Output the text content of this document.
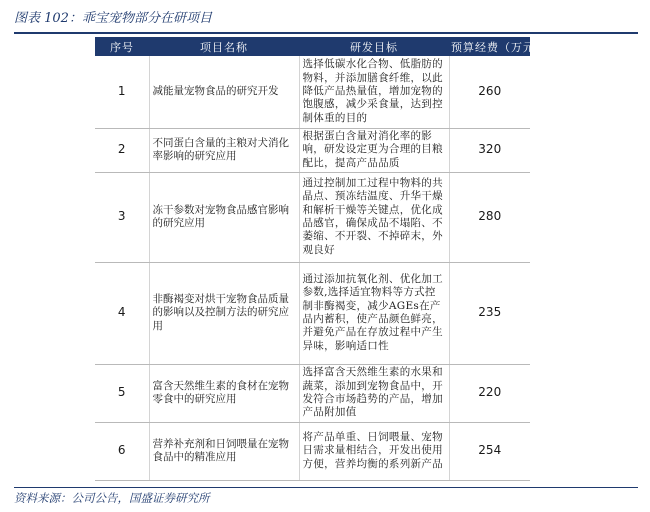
图表 102：乖宝宠物部分在研项目
序号	项目名称	研发目标	预算经费（万元）
1	减能量宠物食品的研究开发	选择低碳水化合物、低脂肪的物料，并添加膳食纤维，以此降低产品热量值，增加宠物的饱腹感，减少采食量，达到控制体重的目的	260
2	不同蛋白含量的主粮对犬消化率影响的研究应用	根据蛋白含量对消化率的影响，研发设定更为合理的目粮配比，提高产品品质	320
3	冻干参数对宠物食品感官影响的研究应用	通过控制加工过程中物料的共晶点、预冻结温度、升华干燥和解析干燥等关键点，优化成品感官，确保成品不塌陷、不萎缩、不开裂、不掉碎末，外观良好	280
4	非酶褐变对烘干宠物食品质量的影响以及控制方法的研究应用	通过添加抗氧化剂、优化加工参数,选择适宜物料等方式控制非酶褐变，减少AGEs在产品内蓄积，使产品颜色鲜亮，并避免产品在存放过程中产生异味，影响适口性	235
5	富含天然维生素的食材在宠物零食中的研究应用	选择富含天然维生素的水果和蔬菜，添加到宠物食品中，开发符合市场趋势的产品，增加产品附加值	220
6	营养补充剂和日饲喂量在宠物食品中的精准应用	将产品单重、日饲喂量、宠物日需求量相结合，开发出使用方便，营养均衡的系列新产品	254
资料来源：公司公告，国盛证券研究所
